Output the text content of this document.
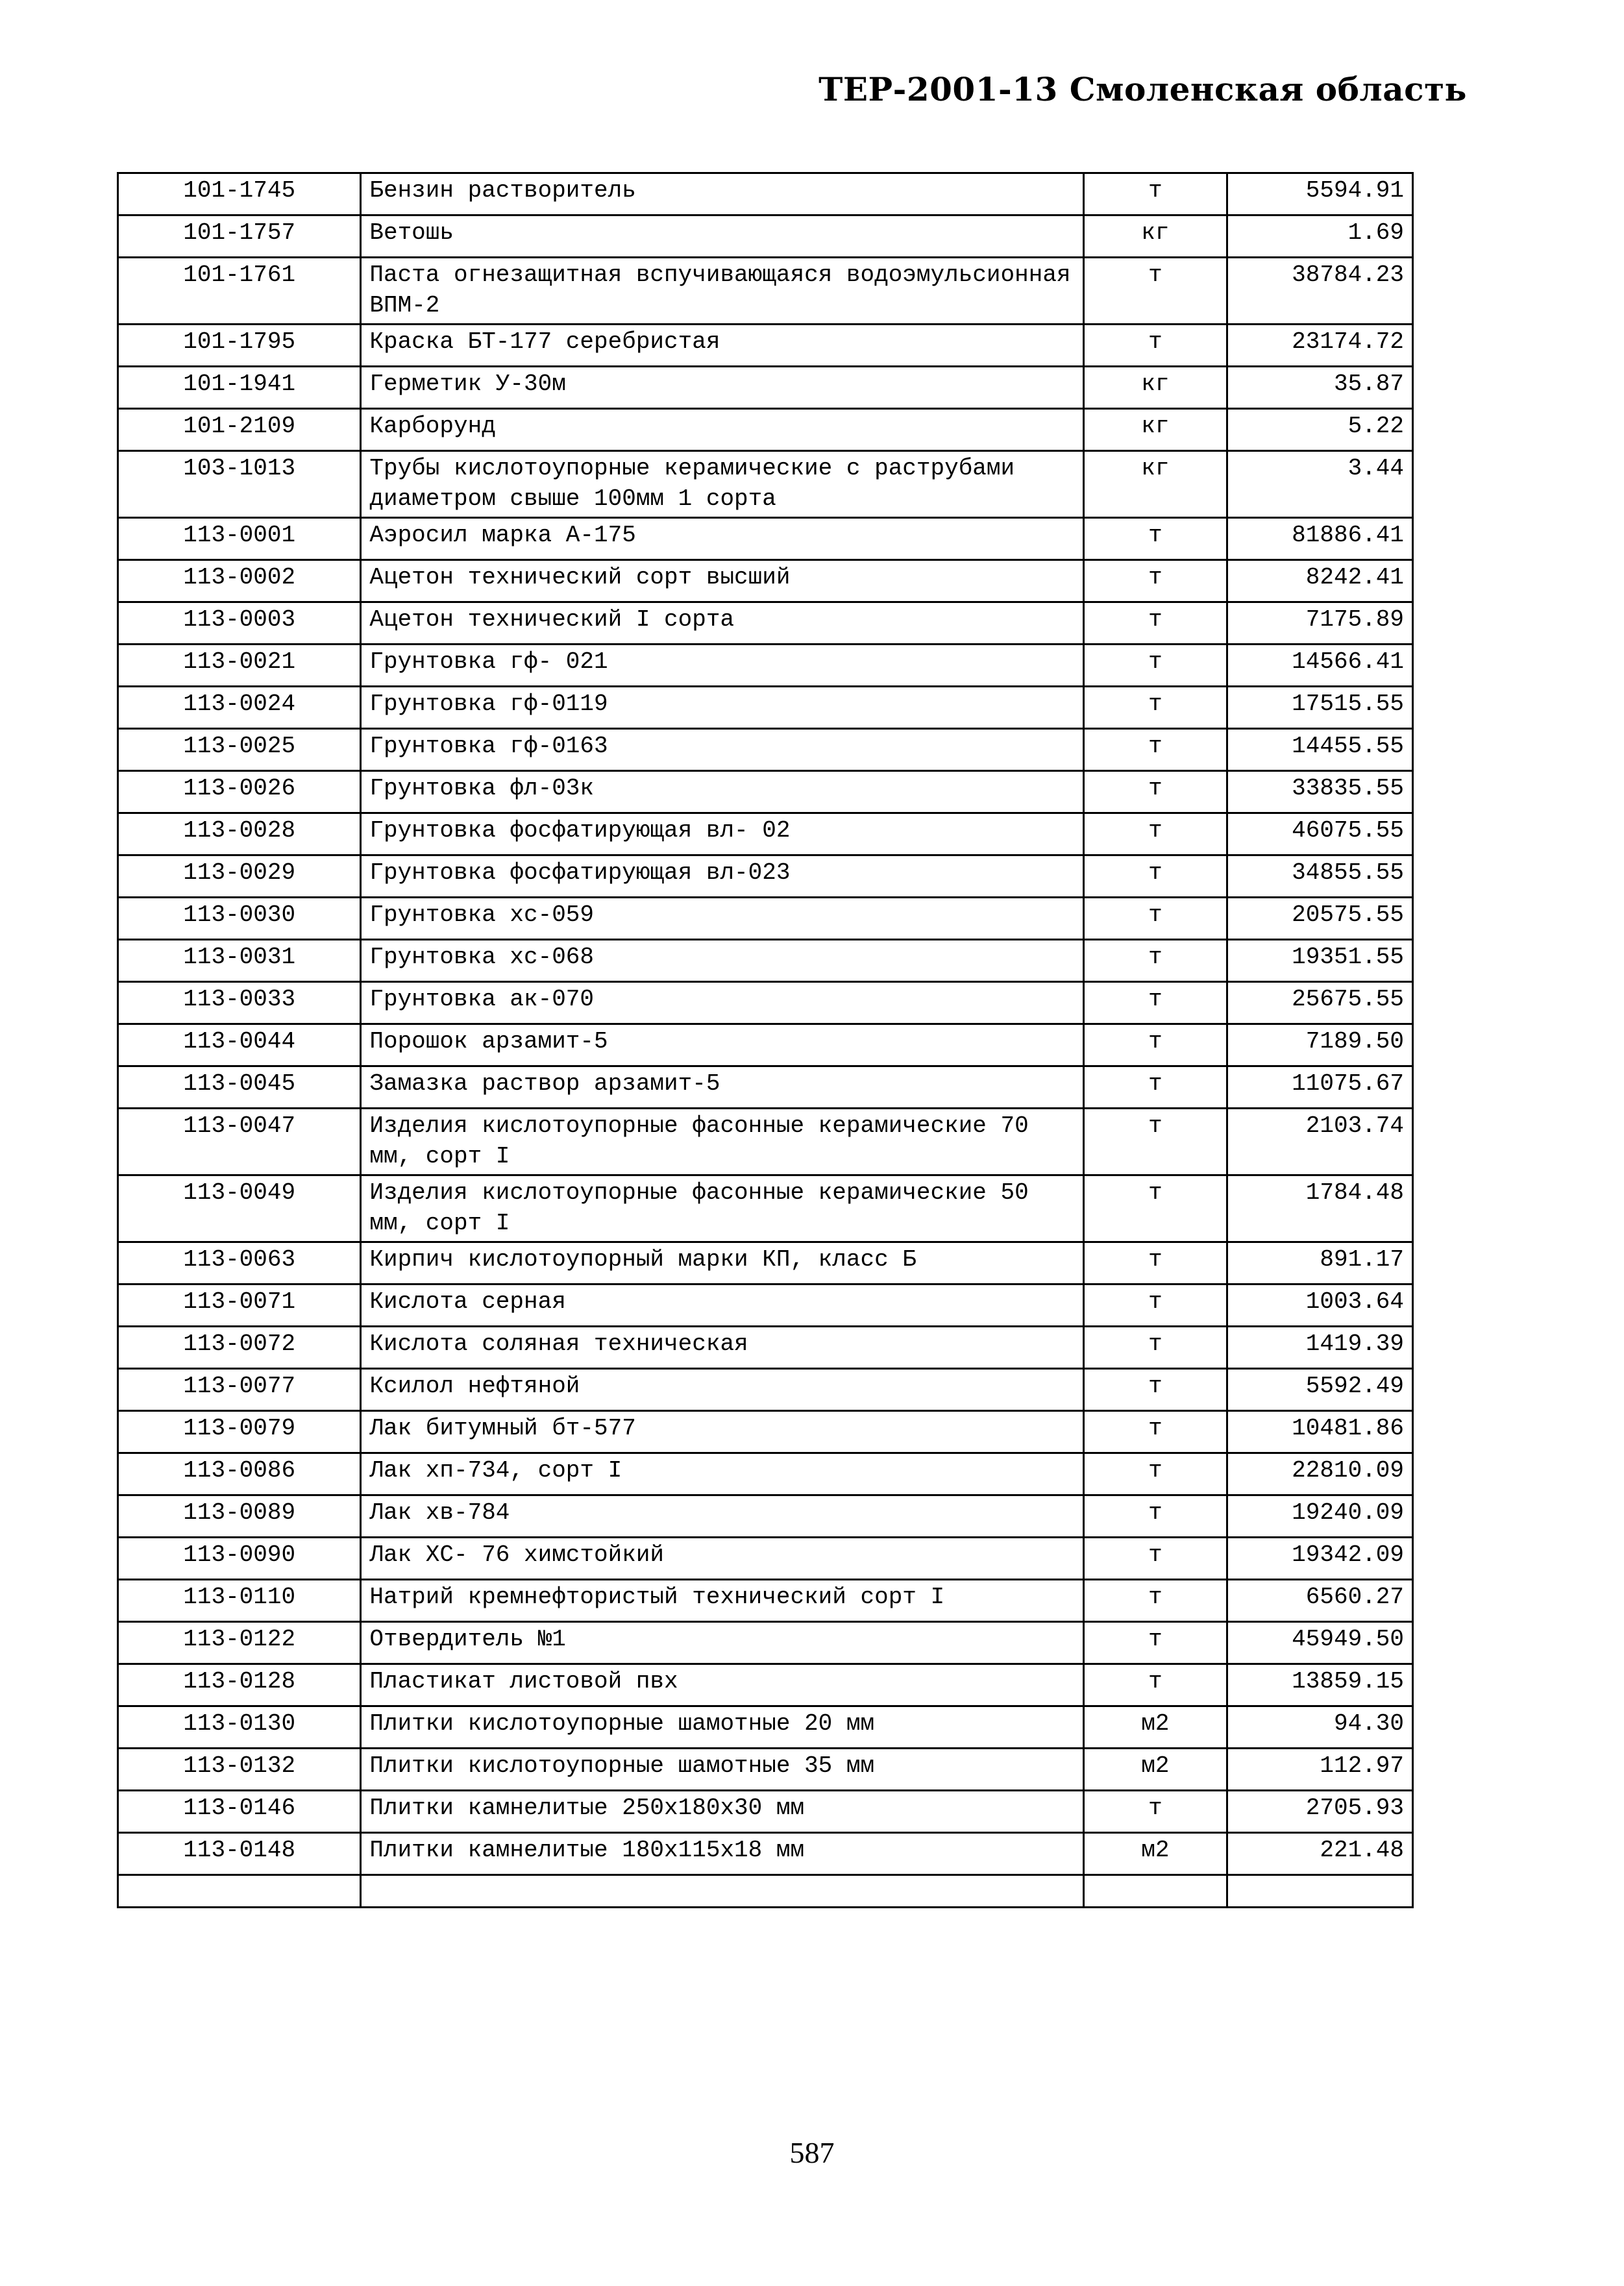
ТЕР-2001-13 Смоленская область
101-1745	Бензин растворитель	т	5594.91
101-1757	Ветошь	кг	1.69
101-1761	Паста огнезащитная вспучивающаяся водоэмульсионная ВПМ-2	т	38784.23
101-1795	Краска БТ-177 серебристая	т	23174.72
101-1941	Герметик У-30м	кг	35.87
101-2109	Карборунд	кг	5.22
103-1013	Трубы кислотоупорные керамические с раструбами диаметром свыше 100мм 1 сорта	кг	3.44
113-0001	Аэросил марка А-175	т	81886.41
113-0002	Ацетон технический сорт высший	т	8242.41
113-0003	Ацетон технический I сорта	т	7175.89
113-0021	Грунтовка гф- 021	т	14566.41
113-0024	Грунтовка гф-0119	т	17515.55
113-0025	Грунтовка гф-0163	т	14455.55
113-0026	Грунтовка фл-03к	т	33835.55
113-0028	Грунтовка фосфатирующая вл- 02	т	46075.55
113-0029	Грунтовка фосфатирующая вл-023	т	34855.55
113-0030	Грунтовка хс-059	т	20575.55
113-0031	Грунтовка хс-068	т	19351.55
113-0033	Грунтовка ак-070	т	25675.55
113-0044	Порошок арзамит-5	т	7189.50
113-0045	Замазка раствор арзамит-5	т	11075.67
113-0047	Изделия кислотоупорные фасонные керамические 70 мм, сорт I	т	2103.74
113-0049	Изделия кислотоупорные фасонные керамические 50 мм, сорт I	т	1784.48
113-0063	Кирпич кислотоупорный марки КП, класс Б	т	891.17
113-0071	Кислота серная	т	1003.64
113-0072	Кислота соляная техническая	т	1419.39
113-0077	Ксилол нефтяной	т	5592.49
113-0079	Лак битумный бт-577	т	10481.86
113-0086	Лак хп-734, сорт I	т	22810.09
113-0089	Лак хв-784	т	19240.09
113-0090	Лак ХС- 76 химстойкий	т	19342.09
113-0110	Натрий кремнефтористый технический сорт I	т	6560.27
113-0122	Отвердитель №1	т	45949.50
113-0128	Пластикат листовой пвх	т	13859.15
113-0130	Плитки кислотоупорные шамотные 20 мм	м2	94.30
113-0132	Плитки кислотоупорные шамотные 35 мм	м2	112.97
113-0146	Плитки камнелитые 250х180х30 мм	т	2705.93
113-0148	Плитки камнелитые 180х115х18 мм	м2	221.48

587
